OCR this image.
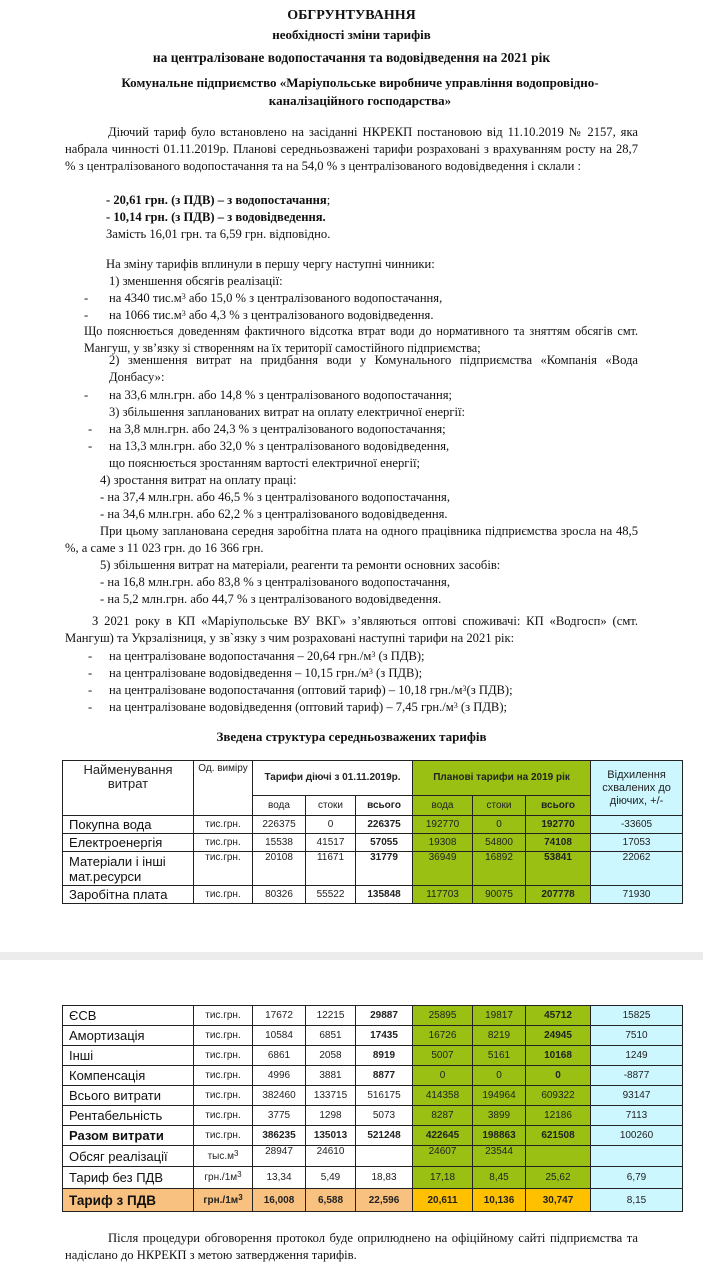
ОБГРУНТУВАННЯ
необхідності зміни тарифів
на централізоване водопостачання та водовідведення на 2021 рік
Комунальне підприємство «Маріупольське виробниче управління водопровідно-
каналізаційного господарства»
Діючий тариф було встановлено на засіданні НКРЕКП постановою від 11.10.2019 № 2157, яка набрала чинності 01.11.2019р. Планові середньозважені тарифи розраховані з врахуванням росту на 28,7 % з централізованого водопостачання та на 54,0 % з централізованого водовідведення і склали :
- 20,61 грн. (з ПДВ) – з водопостачання;
- 10,14 грн. (з ПДВ) – з водовідведення.
Замість 16,01 грн. та 6,59 грн. відповідно.
На зміну тарифів вплинули в першу чергу наступні чинники:
1) зменшення обсягів реалізації:
- на 4340 $тис.м^3$ або 15,0 % з централізованого водопостачання,
- на 1066 $тис.м^3$ або 4,3 % з централізованого водовідведення.
Що пояснюється доведенням фактичного відсотка втрат води до нормативного та зняттям обсягів смт. Мангуш, у зв’язку зі створенням на їх території самостійного підприємства;
2) зменшення витрат на придбання води у Комунального підприємства «Компанія «Вода Донбасу»:
- на 33,6 млн.грн. або 14,8 % з централізованого водопостачання;
3) збільшення запланованих витрат на оплату електричної енергії:
- на 3,8 млн.грн. або 24,3 % з централізованого водопостачання;
- на 13,3 млн.грн. або 32,0 % з централізованого водовідведення,
що пояснюється зростанням вартості електричної енергії;
4) зростання витрат на оплату праці:
- на 37,4 млн.грн. або 46,5 % з централізованого водопостачання,
- на 34,6 млн.грн. або 62,2 % з централізованого водовідведення.
При цьому запланована середня заробітна плата на одного працівника підприємства зросла на 48,5 %, а саме з 11 023 грн. до 16 366 грн.
5) збільшення витрат на матеріали, реагенти та ремонти основних засобів:
- на 16,8 млн.грн. або 83,8 % з централізованого водопостачання,
- на 5,2 млн.грн. або 44,7 % з централізованого водовідведення.
З 2021 року в КП «Маріупольське ВУ ВКГ» з’являються оптові споживачі: КП «Водгосп» (смт. Мангуш) та Укрзалізниця, у зв`язку з чим розраховані наступні тарифи на 2021 рік:
- на централізоване водопостачання – 20,64 $грн./м^3$ (з ПДВ);
- на централізоване водовідведення – 10,15 $грн./м^3$ (з ПДВ);
- на централізоване водопостачання (оптовий тариф) – 10,18 $грн./м^3(з$ ПДВ);
- на централізоване водовідведення (оптовий тариф) – 7,45 $грн./м^3$ (з ПДВ);
Зведена структура середньозважених тарифів
Найменування витрат	Од. виміру	Тарифи діючі з 01.11.2019р.			Планові тарифи на 2019 рік			Відхилення схвалених до діючих, +/-
		вода	стоки	всього	вода	стоки	всього	
Покупна вода	тис.грн.	226375	0	226375	192770	0	192770	-33605
Електроенергія	тис.грн.	15538	41517	57055	19308	54800	74108	17053
Матеріали і інші мат.ресурси	тис.грн.	20108	11671	31779	36949	16892	53841	22062
Заробітна плата	тис.грн.	80326	55522	135848	117703	90075	207778	71930
ЄСВ	тис.грн.	17672	12215	29887	25895	19817	45712	15825
Амортизація	тис.грн.	10584	6851	17435	16726	8219	24945	7510
Інші	тис.грн.	6861	2058	8919	5007	5161	10168	1249
Компенсація	тис.грн.	4996	3881	8877	0	0	0	-8877
Всього витрати	тис.грн.	382460	133715	516175	414358	194964	609322	93147
Рентабельність	тис.грн.	3775	1298	5073	8287	3899	12186	7113
Разом витрати	тис.грн.	386235	135013	521248	422645	198863	621508	100260
Обсяг реалізації	$тыс.м^3$	28947	24610		24607	23544		
Тариф без ПДВ	$грн./1м^3$	13,34	5,49	18,83	17,18	8,45	25,62	6,79
Тариф з ПДВ	$грн./1м^3$	16,008	6,588	22,596	20,611	10,136	30,747	8,15
Після процедури обговорення протокол буде оприлюднено на офіційному сайті підприємства та надіслано до НКРЕКП з метою затвердження тарифів.
